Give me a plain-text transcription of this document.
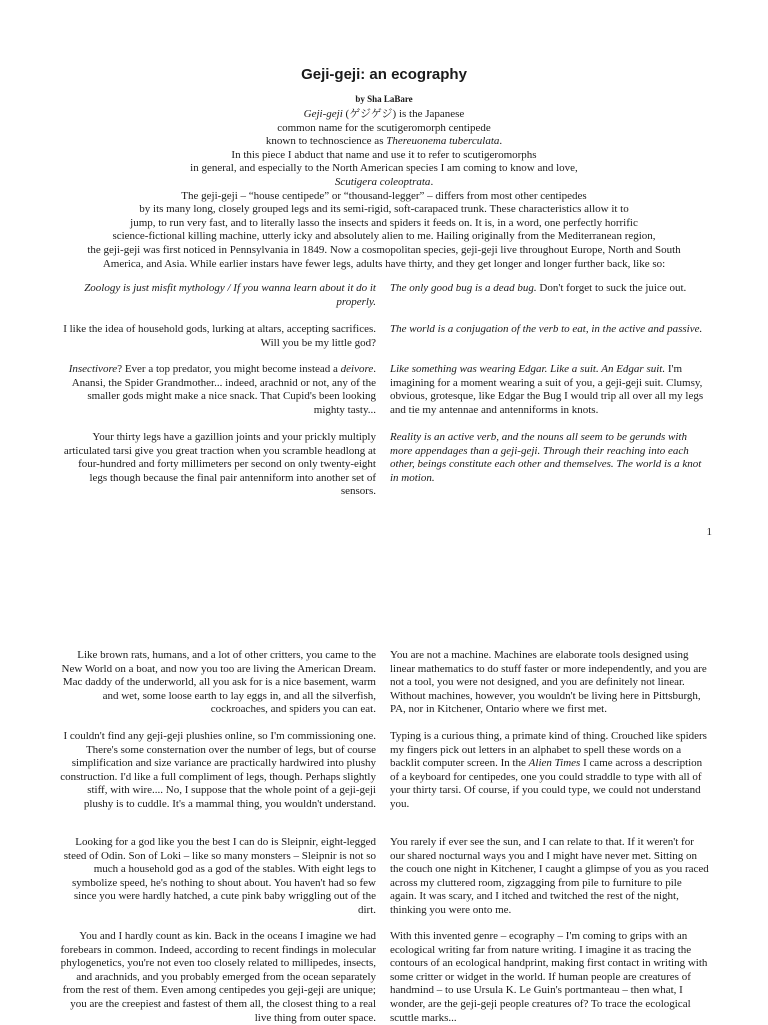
Geji-geji: an ecography
by Sha LaBare

Geji-geji (ゲジゲジ) is the Japanese

common name for the scutigeromorph centipede

known to technoscience as Thereuonema tuberculata.

In this piece I abduct that name and use it to refer to scutigeromorphs

in general, and especially to the North American species I am coming to know and love,

Scutigera coleoptrata.

The geji-geji – “house centipede” or “thousand-legger” – differs from most other centipedes

by its many long, closely grouped legs and its semi-rigid, soft-carapaced trunk. These characteristics allow it to

jump, to run very fast, and to literally lasso the insects and spiders it feeds on. It is, in a word, one perfectly horrific

science-fictional killing machine, utterly icky and absolutely alien to me. Hailing originally from the Mediterranean region,

the geji-geji was first noticed in Pennsylvania in 1849. Now a cosmopolitan species, geji-geji live throughout Europe, North and South

America, and Asia. While earlier instars have fewer legs, adults have thirty, and they get longer and longer further back, like so:

Zoology is just misfit mythology / If you wanna learn about it do it properly.

I like the idea of household gods, lurking at altars, accepting sacrifices. Will you be my little god?

Insectivore? Ever a top predator, you might become instead a deivore. Anansi, the Spider Grandmother... indeed, arachnid or not, any of the smaller gods might make a nice snack. That Cupid's been looking mighty tasty...

Your thirty legs have a gazillion joints and your prickly multiply articulated tarsi give you great traction when you scramble headlong at four-hundred and forty millimeters per second on only twenty-eight legs though because the final pair antenniform into another set of sensors.

The only good bug is a dead bug. Don't forget to suck the juice out.

The world is a conjugation of the verb to eat, in the active and passive.

Like something was wearing Edgar. Like a suit. An Edgar suit. I'm imagining for a moment wearing a suit of you, a geji-geji suit. Clumsy, obvious, grotesque, like Edgar the Bug I would trip all over all my legs and tie my antennae and antenniforms in knots.

Reality is an active verb, and the nouns all seem to be gerunds with more appendages than a geji-geji. Through their reaching into each other, beings constitute each other and themselves. The world is a knot in motion.

1

Like brown rats, humans, and a lot of other critters, you came to the New World on a boat, and now you too are living the American Dream. Mac daddy of the underworld, all you ask for is a nice basement, warm and wet, some loose earth to lay eggs in, and all the silverfish, cockroaches, and spiders you can eat.

I couldn't find any geji-geji plushies online, so I'm commissioning one. There's some consternation over the number of legs, but of course simplification and size variance are practically hardwired into plushy construction. I'd like a full compliment of legs, though. Perhaps slightly stiff, with wire.... No, I suppose that the whole point of a geji-geji plushy is to cuddle. It's a mammal thing, you wouldn't understand.

Looking for a god like you the best I can do is Sleipnir, eight-legged steed of Odin. Son of Loki – like so many monsters – Sleipnir is not so much a household god as a god of the stables. With eight legs to symbolize speed, he's nothing to shout about. You haven't had so few since you were hardly hatched, a cute pink baby wriggling out of the dirt.

You and I hardly count as kin. Back in the oceans I imagine we had forebears in common. Indeed, according to recent findings in molecular phylogenetics, you're not even too closely related to millipedes, insects, and arachnids, and you probably emerged from the ocean separately from the rest of them. Even among centipedes you geji-geji are unique; you are the creepiest and fastest of them all, the closest thing to a real live thing from outer space.

You are not a machine. Machines are elaborate tools designed using linear mathematics to do stuff faster or more independently, and you are not a tool, you were not designed, and you are definitely not linear. Without machines, however, you wouldn't be living here in Pittsburgh, PA, nor in Kitchener, Ontario where we first met.

Typing is a curious thing, a primate kind of thing. Crouched like spiders my fingers pick out letters in an alphabet to spell these words on a backlit computer screen. In the Alien Times I came across a description of a keyboard for centipedes, one you could straddle to type with all of your thirty tarsi. Of course, if you could type, we could not understand you.

You rarely if ever see the sun, and I can relate to that. If it weren't for our shared nocturnal ways you and I might have never met. Sitting on the couch one night in Kitchener, I caught a glimpse of you as you raced across my cluttered room, zigzagging from pile to furniture to pile again. It was scary, and I itched and twitched the rest of the night, thinking you were onto me.

With this invented genre – ecography – I'm coming to grips with an ecological writing far from nature writing. I imagine it as tracing the contours of an ecological handprint, making first contact in writing with some critter or widget in the world. If human people are creatures of handmind – to use Ursula K. Le Guin's portmanteau – then what, I wonder, are the geji-geji people creatures of? To trace the ecological scuttle marks...
